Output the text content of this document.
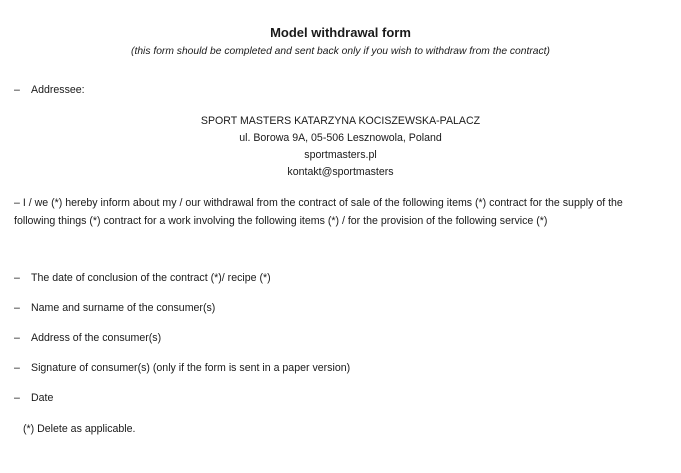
Model withdrawal form
(this form should be completed and sent back only if you wish to withdraw from the contract)
– Addressee:
SPORT MASTERS KATARZYNA KOCISZEWSKA-PALACZ
ul. Borowa 9A, 05-506 Lesznowola, Poland
sportmasters.pl
kontakt@sportmasters
– I / we (*) hereby inform about my / our withdrawal from the contract of sale of the following items (*) contract for the supply of the following things (*) contract for a work involving the following items (*) / for the provision of the following service (*)
– The date of conclusion of the contract (*)/ recipe (*)
– Name and surname of the consumer(s)
– Address of the consumer(s)
– Signature of consumer(s) (only if the form is sent in a paper version)
– Date
(*) Delete as applicable.
